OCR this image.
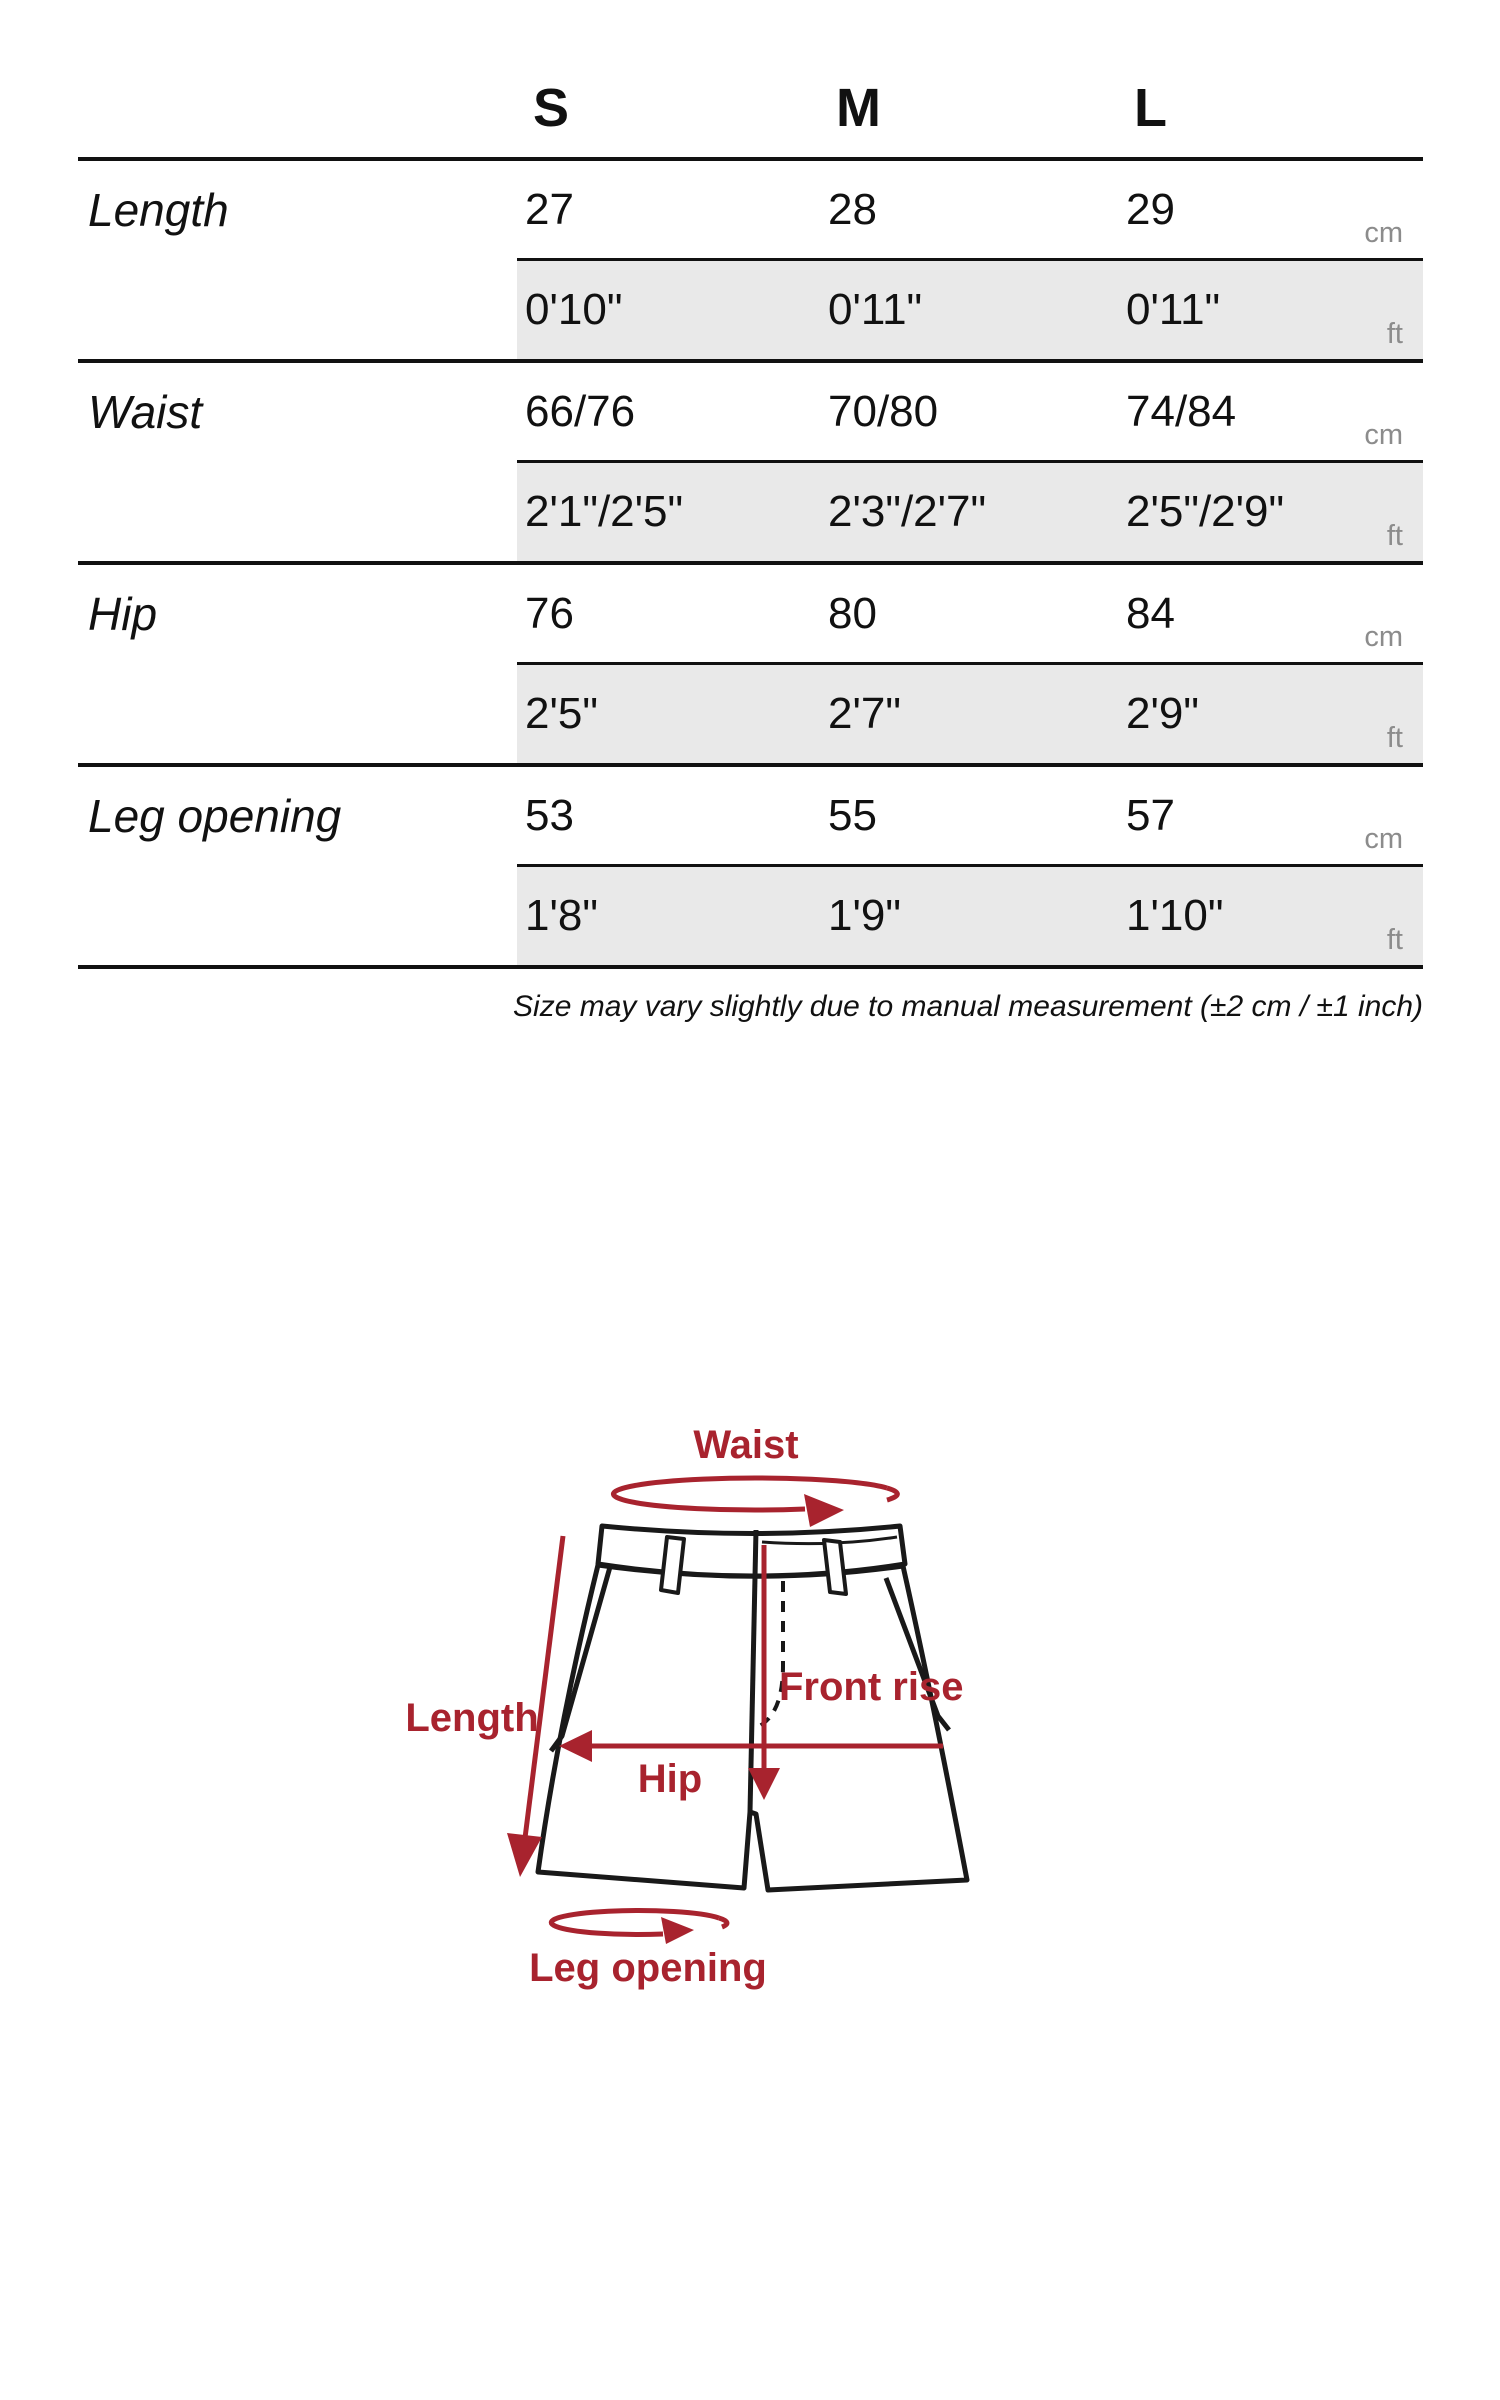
S	M	L
Length	27	28	29	cm
0'10"	0'11"	0'11"	ft
Waist	66/76	70/80	74/84	cm
2'1"/2'5"	2'3"/2'7"	2'5"/2'9"	ft
Hip	76	80	84	cm
2'5"	2'7"	2'9"	ft
Leg opening	53	55	57	cm
1'8"	1'9"	1'10"	ft
Size may vary slightly due to manual measurement (±2 cm / ±1 inch)
Waist
Length
Front rise
Hip
Leg opening
